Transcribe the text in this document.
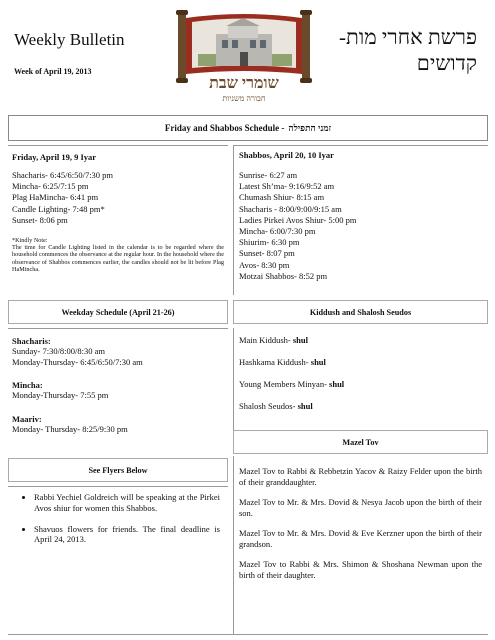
Weekly Bulletin
Week of April 19, 2013
שומרי שבת
חבורה משניות
פרשת אחרי מות-
קדושים
Friday and Shabbos Schedule - זמני התפילה
Friday, April 19, 9 Iyar
Shacharis- 6:45/6:50/7:30 pm
Mincha- 6:25/7:15 pm
Plag HaMincha- 6:41 pm
Candle Lighting- 7:48 pm*
Sunset- 8:06 pm
*Kindly Note:
The time for Candle Lighting listed in the calendar is to be regarded where the household commences the observance at the regular hour. In the household where the observance of Shabbos commences earlier, the candles should not be lit before Plag HaMincha.
Shabbos, April 20, 10 Iyar
Sunrise- 6:27 am
Latest Sh’ma- 9:16/9:52 am
Chumash Shiur- 8:15 am
Shacharis - 8:00/9:00/9:15 am
Ladies Pirkei Avos Shiur- 5:00 pm
Mincha- 6:00/7:30 pm
Shiurim- 6:30 pm
Sunset- 8:07 pm
Avos- 8:30 pm
Motzai Shabbos- 8:52 pm
Weekday Schedule (April 21-26)	Kiddush and Shalosh Seudos
Shacharis:
Sunday- 7:30/8:00/8:30 am
Monday-Thursday- 6:45/6:50/7:30 am
Mincha:
Monday-Thursday- 7:55 pm
Maariv:
Monday- Thursday- 8:25/9:30 pm
Main Kiddush- shul
Hashkama Kiddush- shul
Young Members Minyan- shul
Shalosh Seudos- shul
Mazel Tov
See Flyers Below
• Rabbi Yechiel Goldreich will be speaking at the Pirkei Avos shiur for women this Shabbos.
• Shavuos flowers for friends. The final deadline is April 24, 2013.

Mazel Tov to Rabbi & Rebbetzin Yacov & Raizy Felder upon the birth of their granddaughter.

Mazel Tov to Mr. & Mrs. Dovid & Nesya Jacob upon the birth of their son.

Mazel Tov to Mr. & Mrs. Dovid & Eve Kerzner upon the birth of their grandson.

Mazel Tov to Rabbi & Mrs. Shimon & Shoshana Newman upon the birth of their daughter.
